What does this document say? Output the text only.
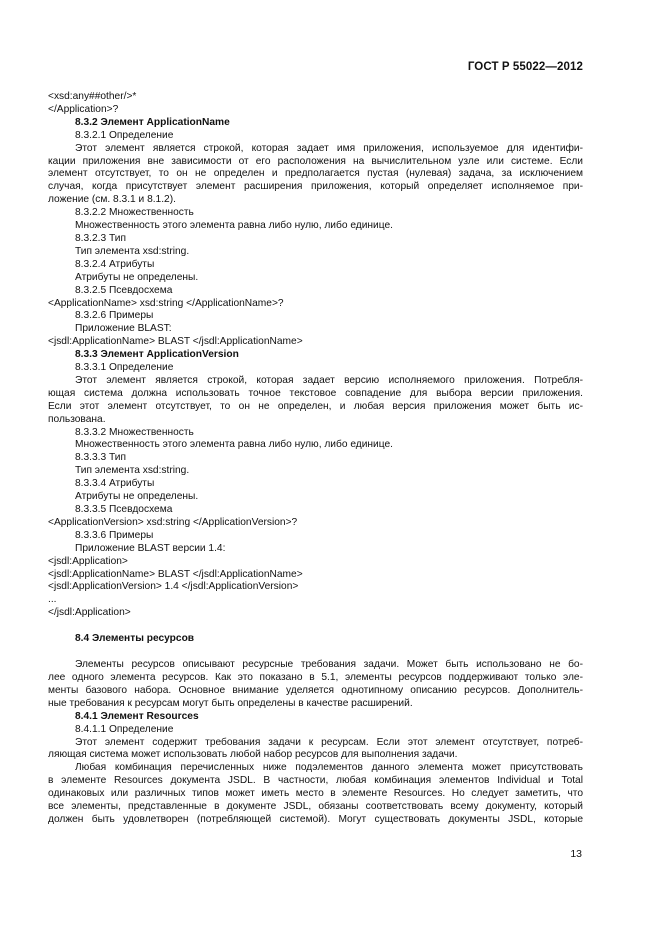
ГОСТ Р 55022—2012
<xsd:any##other/>*
</Application>?
8.3.2 Элемент ApplicationName
8.3.2.1 Определение
Этот элемент является строкой, которая задает имя приложения, используемое для идентифи-
кации приложения вне зависимости от его расположения на вычислительном узле или системе. Если
элемент отсутствует, то он не определен и предполагается пустая (нулевая) задача, за исключением
случая, когда присутствует элемент расширения приложения, который определяет исполняемое при-
ложение (см. 8.3.1 и 8.1.2).
8.3.2.2 Множественность
Множественность этого элемента равна либо нулю, либо единице.
8.3.2.3 Тип
Тип элемента xsd:string.
8.3.2.4 Атрибуты
Атрибуты не определены.
8.3.2.5 Псевдосхема
<ApplicationName> xsd:string </ApplicationName>?
8.3.2.6 Примеры
Приложение BLAST:
<jsdl:ApplicationName> BLAST </jsdl:ApplicationName>
8.3.3 Элемент ApplicationVersion
8.3.3.1 Определение
Этот элемент является строкой, которая задает версию исполняемого приложения. Потребля-
ющая система должна использовать точное текстовое совпадение для выбора версии приложения.
Если этот элемент отсутствует, то он не определен, и любая версия приложения может быть ис-
пользована.
8.3.3.2 Множественность
Множественность этого элемента равна либо нулю, либо единице.
8.3.3.3 Тип
Тип элемента xsd:string.
8.3.3.4 Атрибуты
Атрибуты не определены.
8.3.3.5 Псевдосхема
<ApplicationVersion> xsd:string </ApplicationVersion>?
8.3.3.6 Примеры
Приложение BLAST версии 1.4:
<jsdl:Application>
<jsdl:ApplicationName> BLAST </jsdl:ApplicationName>
<jsdl:ApplicationVersion> 1.4 </jsdl:ApplicationVersion>
...
</jsdl:Application>
8.4 Элементы ресурсов
Элементы ресурсов описывают ресурсные требования задачи. Может быть использовано не бо-
лее одного элемента ресурсов. Как это показано в 5.1, элементы ресурсов поддерживают только эле-
менты базового набора. Основное внимание уделяется однотипному описанию ресурсов. Дополнитель-
ные требования к ресурсам могут быть определены в качестве расширений.
8.4.1 Элемент Resources
8.4.1.1 Определение
Этот элемент содержит требования задачи к ресурсам. Если этот элемент отсутствует, потреб-
ляющая система может использовать любой набор ресурсов для выполнения задачи.
Любая комбинация перечисленных ниже подэлементов данного элемента может присутствовать
в элементе Resources документа JSDL. В частности, любая комбинация элементов Individual и Total
одинаковых или различных типов может иметь место в элементе Resources. Но следует заметить, что
все элементы, представленные в документе JSDL, обязаны соответствовать всему документу, который
должен быть удовлетворен (потребляющей системой). Могут существовать документы JSDL, которые
13
